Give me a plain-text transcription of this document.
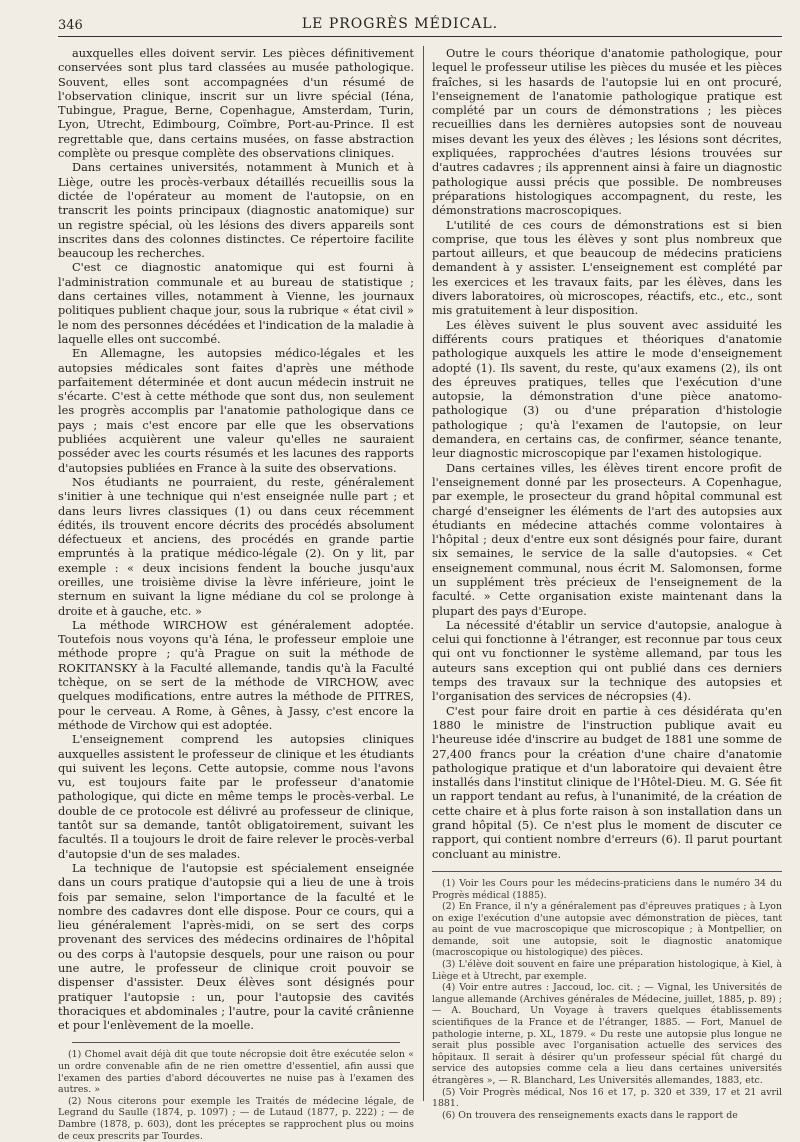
346	LE PROGRÈS MÉDICAL.

auxquelles elles doivent servir. Les pièces définitivement conservées sont plus tard classées au musée pathologique. Souvent, elles sont accompagnées d'un résumé de l'observation clinique, inscrit sur un livre spécial (Iéna, Tubingue, Prague, Berne, Copenhague, Amsterdam, Turin, Lyon, Utrecht, Edimbourg, Coïmbre, Port-au-Prince. Il est regrettable que, dans certains musées, on fasse abstraction complète ou presque complète des observations cliniques.

Dans certaines universités, notamment à Munich et à Liège, outre les procès-verbaux détaillés recueillis sous la dictée de l'opérateur au moment de l'autopsie, on en transcrit les points principaux (diagnostic anatomique) sur un registre spécial, où les lésions des divers appareils sont inscrites dans des colonnes distinctes. Ce répertoire facilite beaucoup les recherches.

C'est ce diagnostic anatomique qui est fourni à l'administration communale et au bureau de statistique ; dans certaines villes, notamment à Vienne, les journaux politiques publient chaque jour, sous la rubrique « état civil » le nom des personnes décédées et l'indication de la maladie à laquelle elles ont succombé.

En Allemagne, les autopsies médico-légales et les autopsies médicales sont faites d'après une méthode parfaitement déterminée et dont aucun médecin instruit ne s'écarte. C'est à cette méthode que sont dus, non seulement les progrès accomplis par l'anatomie pathologique dans ce pays ; mais c'est encore par elle que les observations publiées acquièrent une valeur qu'elles ne sauraient posséder avec les courts résumés et les lacunes des rapports d'autopsies publiées en France à la suite des observations.

Nos étudiants ne pourraient, du reste, généralement s'initier à une technique qui n'est enseignée nulle part ; et dans leurs livres classiques (1) ou dans ceux récemment édités, ils trouvent encore décrits des procédés absolument défectueux et anciens, des procédés en grande partie empruntés à la pratique médico-légale (2). On y lit, par exemple : « deux incisions fendent la bouche jusqu'aux oreilles, une troisième divise la lèvre inférieure, joint le sternum en suivant la ligne médiane du col se prolonge à droite et à gauche, etc. »

La méthode WIRCHOW est généralement adoptée. Toutefois nous voyons qu'à Iéna, le professeur emploie une méthode propre ; qu'à Prague on suit la méthode de ROKITANSKY à la Faculté allemande, tandis qu'à la Faculté tchèque, on se sert de la méthode de VIRCHOW, avec quelques modifications, entre autres la méthode de PITRES, pour le cerveau. A Rome, à Gênes, à Jassy, c'est encore la méthode de Virchow qui est adoptée.

L'enseignement comprend les autopsies cliniques auxquelles assistent le professeur de clinique et les étudiants qui suivent les leçons. Cette autopsie, comme nous l'avons vu, est toujours faite par le professeur d'anatomie pathologique, qui dicte en même temps le procès-verbal. Le double de ce protocole est délivré au professeur de clinique, tantôt sur sa demande, tantôt obligatoirement, suivant les facultés. Il a toujours le droit de faire relever le procès-verbal d'autopsie d'un de ses malades.

La technique de l'autopsie est spécialement enseignée dans un cours pratique d'autopsie qui a lieu de une à trois fois par semaine, selon l'importance de la faculté et le nombre des cadavres dont elle dispose. Pour ce cours, qui a lieu généralement l'après-midi, on se sert des corps provenant des services des médecins ordinaires de l'hôpital ou des corps à l'autopsie desquels, pour une raison ou pour une autre, le professeur de clinique croit pouvoir se dispenser d'assister. Deux élèves sont désignés pour pratiquer l'autopsie : un, pour l'autopsie des cavités thoraciques et abdominales ; l'autre, pour la cavité crânienne et pour l'enlèvement de la moelle.

(1) Chomel avait déjà dit que toute nécropsie doit être exécutée selon « un ordre convenable afin de ne rien omettre d'essentiel, afin aussi que l'examen des parties d'abord découvertes ne nuise pas à l'examen des autres. »

(2) Nous citerons pour exemple les Traités de médecine légale, de Legrand du Saulle (1874, p. 1097) ; — de Lutaud (1877, p. 222) ; — de Dambre (1878, p. 603), dont les préceptes se rapprochent plus ou moins de ceux prescrits par Tourdes.

Outre le cours théorique d'anatomie pathologique, pour lequel le professeur utilise les pièces du musée et les pièces fraîches, si les hasards de l'autopsie lui en ont procuré, l'enseignement de l'anatomie pathologique pratique est complété par un cours de démonstrations ; les pièces recueillies dans les dernières autopsies sont de nouveau mises devant les yeux des élèves ; les lésions sont décrites, expliquées, rapprochées d'autres lésions trouvées sur d'autres cadavres ; ils apprennent ainsi à faire un diagnostic pathologique aussi précis que possible. De nombreuses préparations histologiques accompagnent, du reste, les démonstrations macroscopiques.

L'utilité de ces cours de démonstrations est si bien comprise, que tous les élèves y sont plus nombreux que partout ailleurs, et que beaucoup de médecins praticiens demandent à y assister. L'enseignement est complété par les exercices et les travaux faits, par les élèves, dans les divers laboratoires, où microscopes, réactifs, etc., etc., sont mis gratuitement à leur disposition.

Les élèves suivent le plus souvent avec assiduité les différents cours pratiques et théoriques d'anatomie pathologique auxquels les attire le mode d'enseignement adopté (1). Ils savent, du reste, qu'aux examens (2), ils ont des épreuves pratiques, telles que l'exécution d'une autopsie, la démonstration d'une pièce anatomo-pathologique (3) ou d'une préparation d'histologie pathologique ; qu'à l'examen de l'autopsie, on leur demandera, en certains cas, de confirmer, séance tenante, leur diagnostic microscopique par l'examen histologique.

Dans certaines villes, les élèves tirent encore profit de l'enseignement donné par les prosecteurs. A Copenhague, par exemple, le prosecteur du grand hôpital communal est chargé d'enseigner les éléments de l'art des autopsies aux étudiants en médecine attachés comme volontaires à l'hôpital ; deux d'entre eux sont désignés pour faire, durant six semaines, le service de la salle d'autopsies. « Cet enseignement communal, nous écrit M. Salomonsen, forme un supplément très précieux de l'enseignement de la faculté. » Cette organisation existe maintenant dans la plupart des pays d'Europe.

La nécessité d'établir un service d'autopsie, analogue à celui qui fonctionne à l'étranger, est reconnue par tous ceux qui ont vu fonctionner le système allemand, par tous les auteurs sans exception qui ont publié dans ces derniers temps des travaux sur la technique des autopsies et l'organisation des services de nécropsies (4).

C'est pour faire droit en partie à ces désidérata qu'en 1880 le ministre de l'instruction publique avait eu l'heureuse idée d'inscrire au budget de 1881 une somme de 27,400 francs pour la création d'une chaire d'anatomie pathologique pratique et d'un laboratoire qui devaient être installés dans l'institut clinique de l'Hôtel-Dieu. M. G. Sée fit un rapport tendant au refus, à l'unanimité, de la création de cette chaire et à plus forte raison à son installation dans un grand hôpital (5). Ce n'est plus le moment de discuter ce rapport, qui contient nombre d'erreurs (6). Il parut pourtant concluant au ministre.

(1) Voir les Cours pour les médecins-praticiens dans le numéro 34 du Progrès médical (1885).

(2) En France, il n'y a généralement pas d'épreuves pratiques ; à Lyon on exige l'exécution d'une autopsie avec démonstration de pièces, tant au point de vue macroscopique que microscopique ; à Montpellier, on demande, soit une autopsie, soit le diagnostic anatomique (macroscopique ou histologique) des pièces.

(3) L'élève doit souvent en faire une préparation histologique, à Kiel, à Liège et à Utrecht, par exemple.

(4) Voir entre autres : Jaccoud, loc. cit. ; — Vignal, les Universités de langue allemande (Archives générales de Médecine, juillet, 1885, p. 89) ; — A. Bouchard, Un Voyage à travers quelques établissements scientifiques de la France et de l'étranger, 1885. — Fort, Manuel de pathologie interne, p. XL, 1879. « Du reste une autopsie plus longue ne serait plus possible avec l'organisation actuelle des services des hôpitaux. Il serait à désirer qu'un professeur spécial fût chargé du service des autopsies comme cela a lieu dans certaines universités étrangères », — R. Blanchard, Les Universités allemandes, 1883, etc.

(5) Voir Progrès médical, Nos 16 et 17, p. 320 et 339, 17 et 21 avril 1881.

(6) On trouvera des renseignements exacts dans le rapport de
